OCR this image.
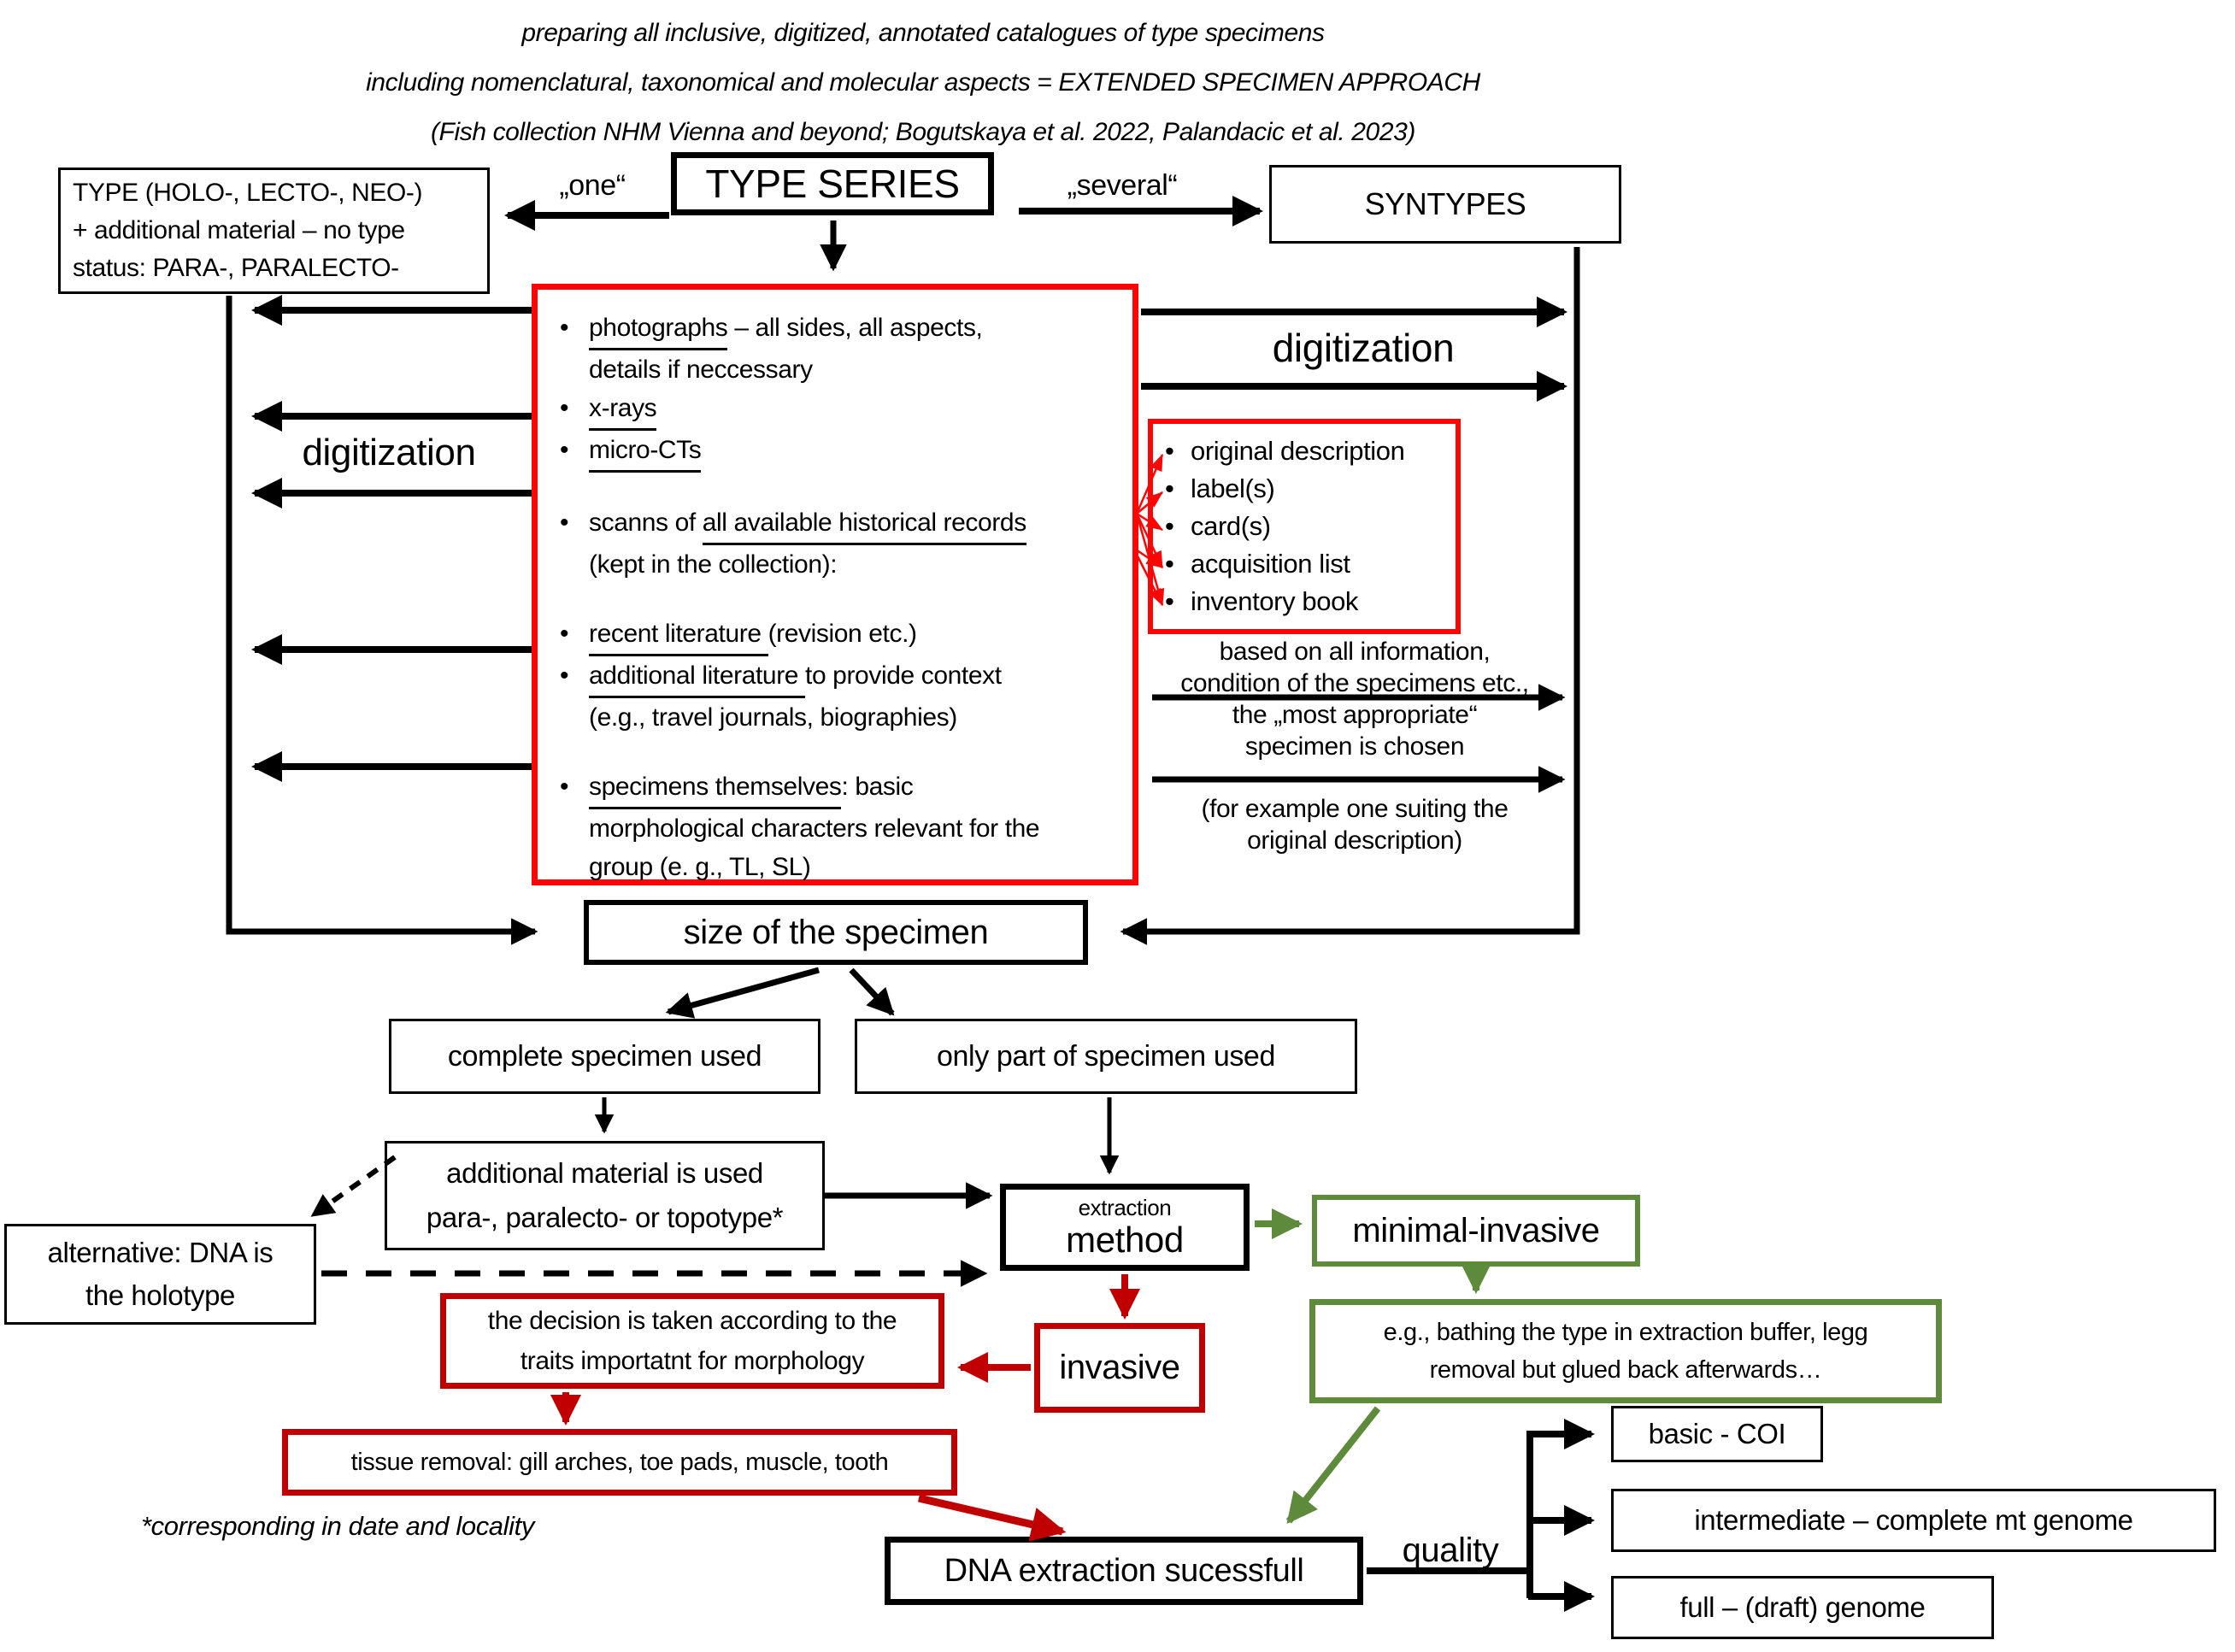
preparing all inclusive, digitized, annotated catalogues of type specimens
including nomenclatural, taxonomical and molecular aspects = EXTENDED SPECIMEN APPROACH
(Fish collection NHM Vienna and beyond; Bogutskaya et al. 2022, Palandacic et al. 2023)
TYPE (HOLO-, LECTO-, NEO-)
+ additional material – no type
status: PARA-, PARALECTO-
„one“	TYPE SERIES	„several“
SYNTYPES
•
photographs – all sides, all aspects,
details if neccessary
•
x-rays
•
micro-CTs
•
scanns of all available historical records
(kept in the collection):
•
recent literature (revision etc.)
•
additional literature to provide context
(e.g., travel journals, biographies)
•
specimens themselves : basic
morphological characters relevant for the
group (e. g., TL, SL)
digitization
digitization
•
original description
•
label(s)
•
card(s)
•
acquisition list
•
inventory book
based on all information,
condition of the specimens etc.,
the „most appropriate“
specimen is chosen
(for example one suiting the
original description)
size of the specimen
complete specimen used	only part of specimen used
additional material is used
para-, paralecto- or topotype*
alternative: DNA is
the holotype
extraction
method	minimal-invasive
e.g., bathing the type in extraction buffer, legg
removal but glued back afterwards…
invasive
the decision is taken according to the
traits importatnt for morphology
tissue removal: gill arches, toe pads, muscle, tooth
*corresponding in date and locality
DNA extraction sucessfull
quality
basic - COI
intermediate – complete mt genome
full – (draft) genome
